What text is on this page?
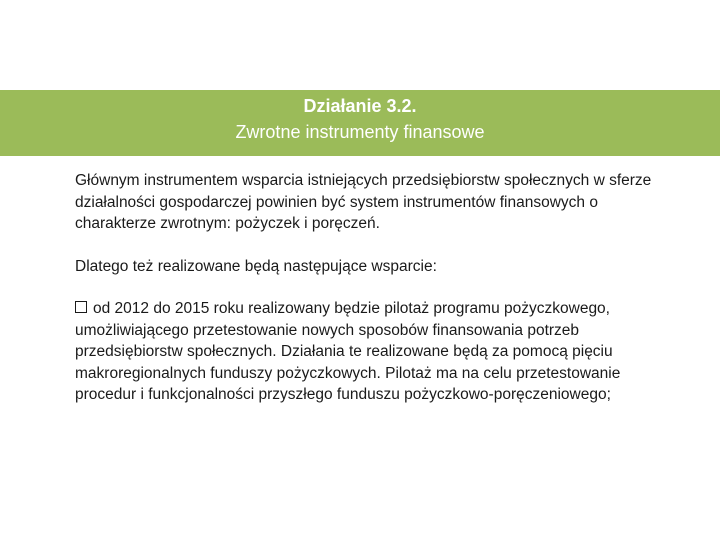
Działanie 3.2.
Zwrotne instrumenty finansowe

Głównym instrumentem wsparcia istniejących przedsiębiorstw społecznych w sferze działalności gospodarczej powinien być system instrumentów finansowych o charakterze zwrotnym: pożyczek i poręczeń.

Dlatego też realizowane będą następujące wsparcie:

od 2012 do 2015 roku realizowany będzie pilotaż programu pożyczkowego, umożliwiającego przetestowanie nowych sposobów finansowania potrzeb przedsiębiorstw społecznych. Działania te realizowane będą za pomocą pięciu makroregionalnych funduszy pożyczkowych. Pilotaż ma na celu przetestowanie procedur i funkcjonalności przyszłego funduszu pożyczkowo-poręczeniowego;
